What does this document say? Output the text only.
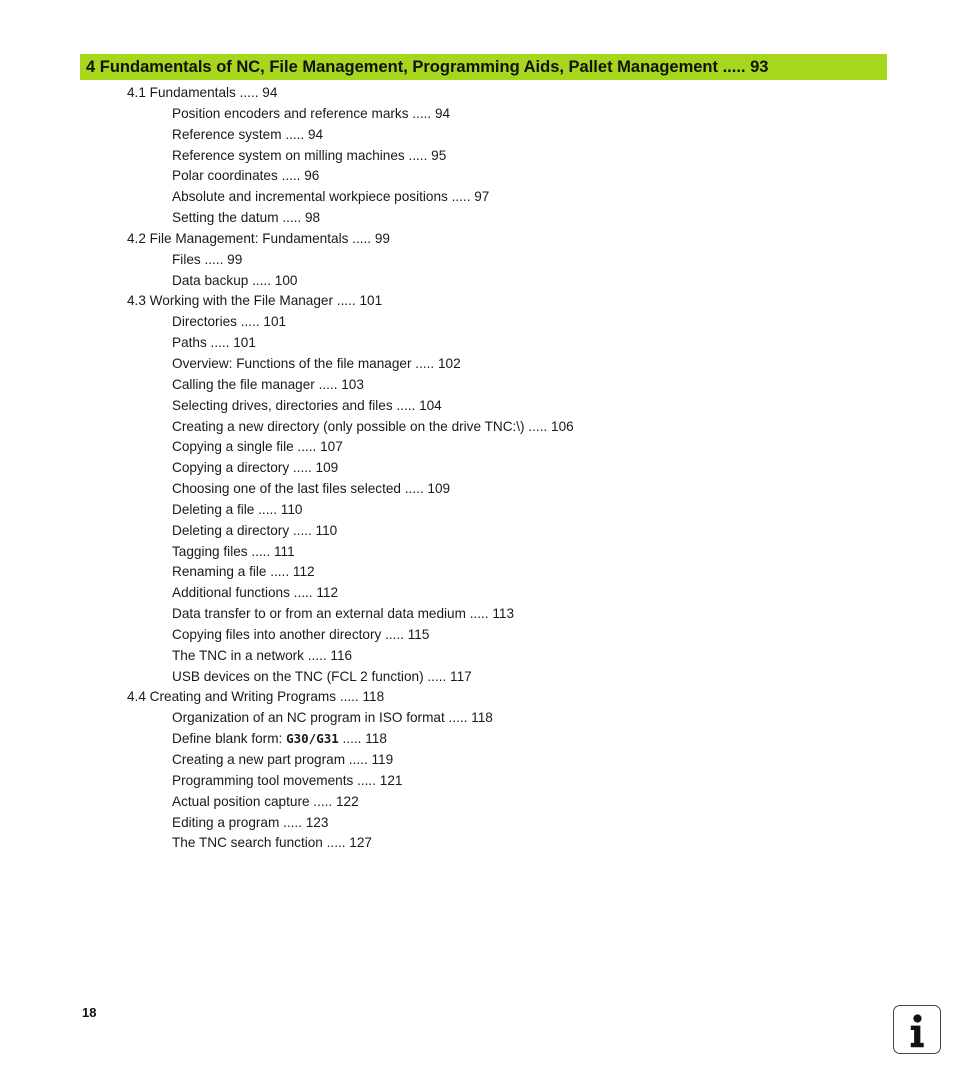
4 Fundamentals of NC, File Management, Programming Aids, Pallet Management ..... 93
4.1 Fundamentals ..... 94
Position encoders and reference marks ..... 94
Reference system ..... 94
Reference system on milling machines ..... 95
Polar coordinates ..... 96
Absolute and incremental workpiece positions ..... 97
Setting the datum ..... 98
4.2 File Management: Fundamentals ..... 99
Files ..... 99
Data backup ..... 100
4.3 Working with the File Manager ..... 101
Directories ..... 101
Paths ..... 101
Overview: Functions of the file manager ..... 102
Calling the file manager ..... 103
Selecting drives, directories and files ..... 104
Creating a new directory (only possible on the drive TNC:\) ..... 106
Copying a single file ..... 107
Copying a directory ..... 109
Choosing one of the last files selected ..... 109
Deleting a file ..... 110
Deleting a directory ..... 110
Tagging files ..... 111
Renaming a file ..... 112
Additional functions ..... 112
Data transfer to or from an external data medium ..... 113
Copying files into another directory ..... 115
The TNC in a network ..... 116
USB devices on the TNC (FCL 2 function) ..... 117
4.4 Creating and Writing Programs ..... 118
Organization of an NC program in ISO format ..... 118
Define blank form: G30/G31 ..... 118
Creating a new part program ..... 119
Programming tool movements ..... 121
Actual position capture ..... 122
Editing a program ..... 123
The TNC search function ..... 127
18
